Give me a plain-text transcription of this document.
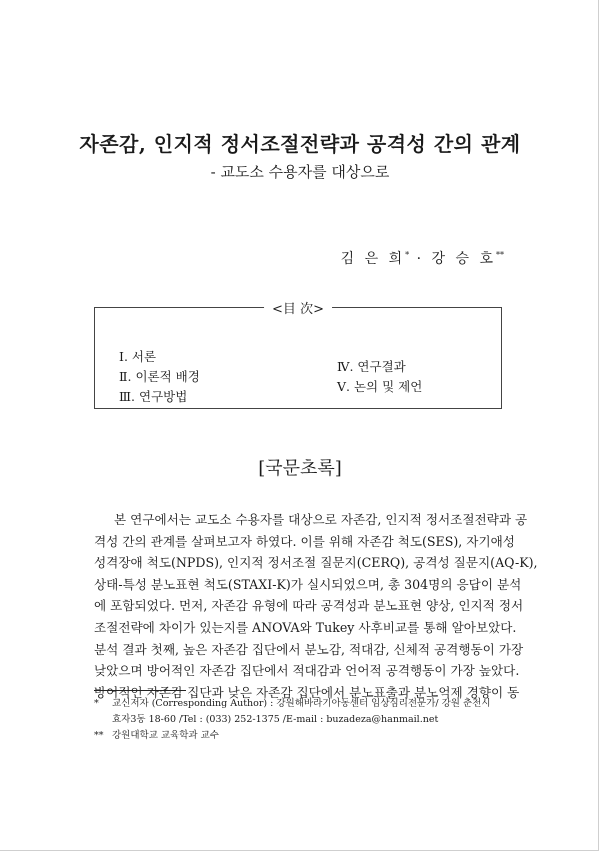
자존감, 인지적 정서조절전략과 공격성 간의 관계
- 교도소 수용자를 대상으로
김 은 희* · 강 승 호**
<目 次>
Ⅰ. 서론
Ⅱ. 이론적 배경
Ⅲ. 연구방법
Ⅳ. 연구결과
Ⅴ. 논의 및 제언
[국문초록]
본 연구에서는 교도소 수용자를 대상으로 자존감, 인지적 정서조절전략과 공
격성 간의 관계를 살펴보고자 하였다. 이를 위해 자존감 척도(SES), 자기애성
성격장애 척도(NPDS), 인지적 정서조절 질문지(CERQ), 공격성 질문지(AQ-K),
상태-특성 분노표현 척도(STAXI-K)가 실시되었으며, 총 304명의 응답이 분석
에 포함되었다. 먼저, 자존감 유형에 따라 공격성과 분노표현 양상, 인지적 정서
조절전략에 차이가 있는지를 ANOVA와 Tukey 사후비교를 통해 알아보았다.
분석 결과 첫째, 높은 자존감 집단에서 분노감, 적대감, 신체적 공격행동이 가장
낮았으며 방어적인 자존감 집단에서 적대감과 언어적 공격행동이 가장 높았다.
방어적인 자존감 집단과 낮은 자존감 집단에서 분노표출과 분노억제 경향이 동
*	교신저자 (Corresponding Author) : 강원해바라기아동센터 임상심리전문가/ 강원 춘천시
효자3동 18-60 /Tel : (033) 252-1375 /E-mail : buzadeza@hanmail.net
** 강원대학교 교육학과 교수
